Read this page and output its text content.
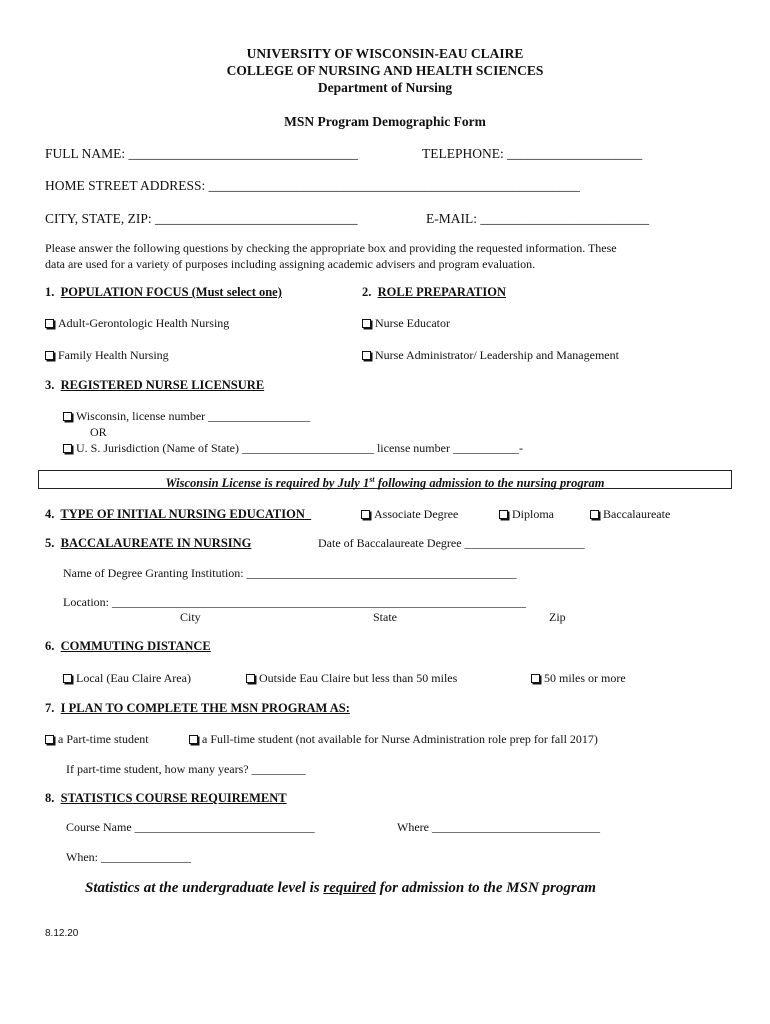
UNIVERSITY OF WISCONSIN-EAU CLAIRE
COLLEGE OF NURSING AND HEALTH SCIENCES
Department of Nursing
MSN Program Demographic Form
FULL NAME: __________________________________	TELEPHONE: ____________________
HOME STREET ADDRESS: _______________________________________________________
CITY, STATE, ZIP: ______________________________	E-MAIL: _________________________
Please answer the following questions by checking the appropriate box and providing the requested information. These
data are used for a variety of purposes including assigning academic advisers and program evaluation.
1. POPULATION FOCUS (Must select one)	2. ROLE PREPARATION
Adult-Gerontologic Health Nursing	Nurse Educator
Family Health Nursing	Nurse Administrator/ Leadership and Management
3. REGISTERED NURSE LICENSURE
Wisconsin, license number _________________
OR
U. S. Jurisdiction (Name of State) ______________________ license number ___________-
Wisconsin License is required by July 1st following admission to the nursing program
4. TYPE OF INITIAL NURSING EDUCATION	Associate Degree	Diploma	Baccalaureate
5. BACCALAUREATE IN NURSING	Date of Baccalaureate Degree ____________________
Name of Degree Granting Institution: _____________________________________________
Location: _____________________________________________________________________
City	State	Zip
6. COMMUTING DISTANCE
Local (Eau Claire Area)	Outside Eau Claire but less than 50 miles	50 miles or more
7. I PLAN TO COMPLETE THE MSN PROGRAM AS:
a Part-time student	a Full-time student (not available for Nurse Administration role prep for fall 2017)
If part-time student, how many years? _________
8. STATISTICS COURSE REQUIREMENT
Course Name ______________________________	Where ____________________________
When: _______________
Statistics at the undergraduate level is required for admission to the MSN program
8.12.20
